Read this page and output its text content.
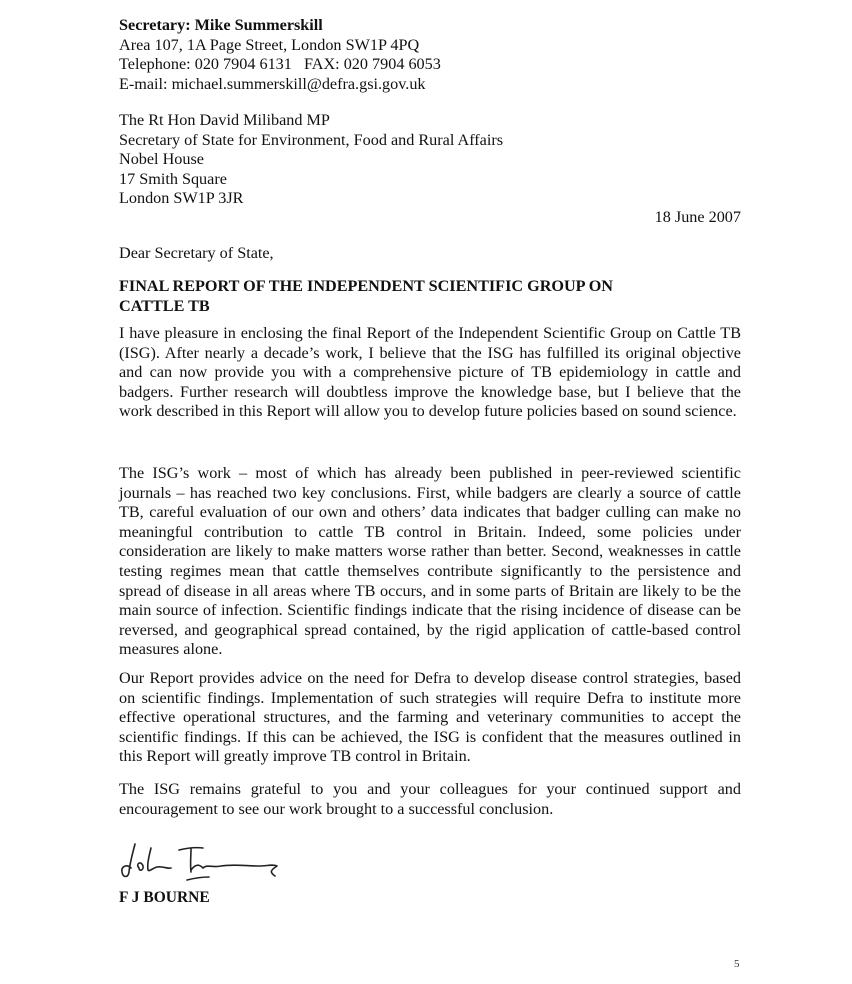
Secretary: Mike Summerskill
Area 107, 1A Page Street, London SW1P 4PQ
Telephone: 020 7904 6131   FAX: 020 7904 6053
E-mail: michael.summerskill@defra.gsi.gov.uk
The Rt Hon David Miliband MP
Secretary of State for Environment, Food and Rural Affairs
Nobel House
17 Smith Square
London SW1P 3JR
18 June 2007
Dear Secretary of State,

FINAL REPORT OF THE INDEPENDENT SCIENTIFIC GROUP ON CATTLE TB

I have pleasure in enclosing the final Report of the Independent Scientific Group on Cattle TB (ISG). After nearly a decade’s work, I believe that the ISG has fulfilled its original objective and can now provide you with a comprehensive picture of TB epidemiology in cattle and badgers. Further research will doubtless improve the knowledge base, but I believe that the work described in this Report will allow you to develop future policies based on sound science.

The ISG’s work – most of which has already been published in peer-reviewed scientific journals – has reached two key conclusions. First, while badgers are clearly a source of cattle TB, careful evaluation of our own and others’ data indicates that badger culling can make no meaningful contribution to cattle TB control in Britain. Indeed, some policies under consideration are likely to make matters worse rather than better. Second, weaknesses in cattle testing regimes mean that cattle themselves contribute significantly to the persistence and spread of disease in all areas where TB occurs, and in some parts of Britain are likely to be the main source of infection. Scientific findings indicate that the rising incidence of disease can be reversed, and geographical spread contained, by the rigid application of cattle-based control measures alone.

Our Report provides advice on the need for Defra to develop disease control strategies, based on scientific findings. Implementation of such strategies will require Defra to institute more effective operational structures, and the farming and veterinary communities to accept the scientific findings. If this can be achieved, the ISG is confident that the measures outlined in this Report will greatly improve TB control in Britain.

The ISG remains grateful to you and your colleagues for your continued support and encouragement to see our work brought to a successful conclusion.

F J BOURNE
5
